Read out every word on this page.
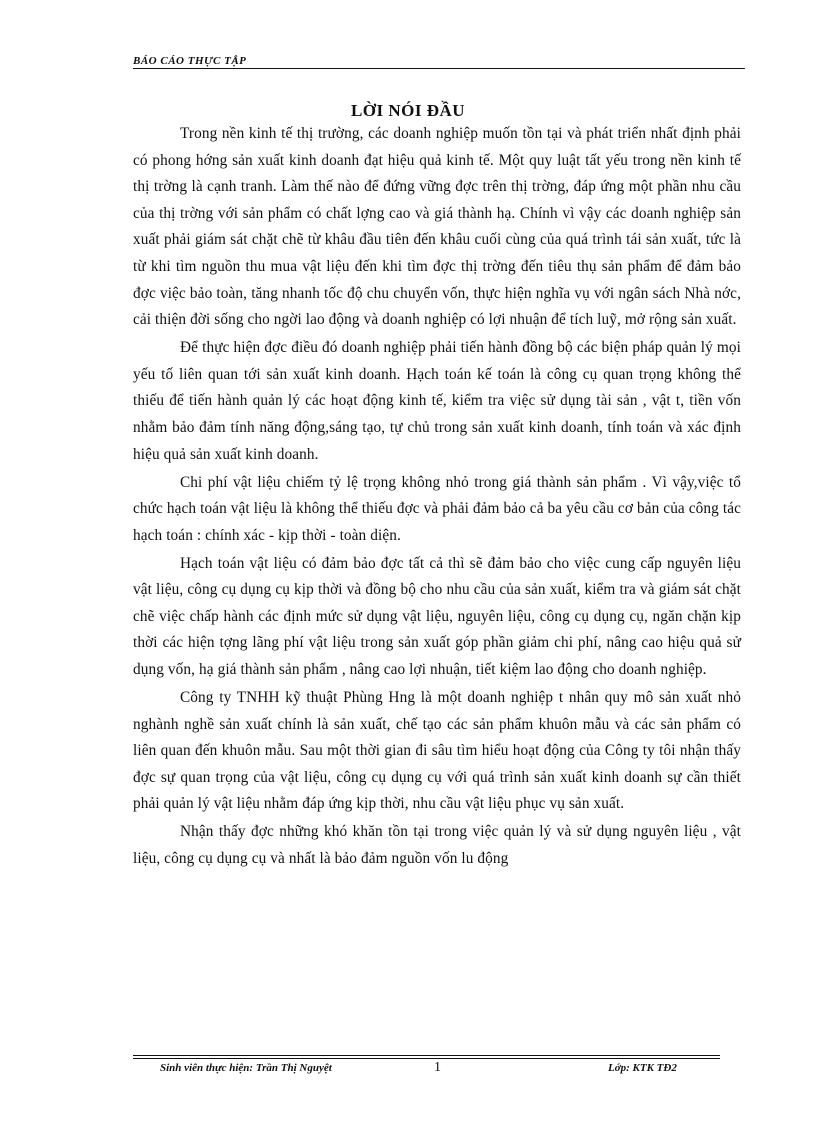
BÁO CÁO THỰC TẬP
LỜI NÓI ĐẦU

Trong nền kinh tế thị trường, các doanh nghiệp muốn tồn tại và phát triển nhất định phải có phong hớng sản xuất kinh doanh đạt hiệu quả kinh tế. Một quy luật tất yếu trong nền kinh tế thị trờng là cạnh tranh. Làm thế nào để đứng vững đợc trên thị trờng, đáp ứng một phần nhu cầu của thị trờng với sản phẩm có chất lợng cao và giá thành hạ. Chính vì vậy các doanh nghiệp sản xuất phải giám sát chặt chẽ từ khâu đầu tiên đến khâu cuối cùng của quá trình tái sản xuất, tức là từ khi tìm nguồn thu mua vật liệu đến khi tìm đợc thị trờng đến tiêu thụ sản phẩm để đảm bảo đợc việc bảo toàn, tăng nhanh tốc độ chu chuyển vốn, thực hiện nghĩa vụ với ngân sách Nhà nớc, cải thiện đời sống cho ngời lao động và doanh nghiệp có lợi nhuận để tích luỹ, mở rộng sản xuất.

Để thực hiện đợc điều đó doanh nghiệp phải tiến hành đồng bộ các biện pháp quản lý mọi yếu tố liên quan tới sản xuất kinh doanh. Hạch toán kế toán là công cụ quan trọng không thể thiếu để tiến hành quản lý các hoạt động kinh tế, kiểm tra việc sử dụng tài sản , vật t, tiền vốn nhằm bảo đảm tính năng động,sáng tạo, tự chủ trong sản xuất kinh doanh, tính toán và xác định hiệu quả sản xuất kinh doanh.

Chi phí vật liệu chiếm tỷ lệ trọng không nhỏ trong giá thành sản phẩm . Vì vậy,việc tổ chức hạch toán vật liệu là không thể thiếu đợc và phải đảm bảo cả ba yêu cầu cơ bản của công tác hạch toán : chính xác - kịp thời - toàn diện.

Hạch toán vật liệu có đảm bảo đợc tất cả thì sẽ đảm bảo cho việc cung cấp nguyên liệu vật liệu, công cụ dụng cụ kịp thời và đồng bộ cho nhu cầu của sản xuất, kiểm tra và giám sát chặt chẽ việc chấp hành các định mức sử dụng vật liệu, nguyên liệu, công cụ dụng cụ, ngăn chặn kịp thời các hiện tợng lãng phí vật liệu trong sản xuất góp phần giảm chi phí, nâng cao hiệu quả sử dụng vốn, hạ giá thành sản phẩm , nâng cao lợi nhuận, tiết kiệm lao động cho doanh nghiệp.

Công ty TNHH kỹ thuật Phùng Hng là một doanh nghiệp t nhân quy mô sản xuất nhỏ nghành nghề sản xuất chính là sản xuất, chế tạo các sản phẩm khuôn mẫu và các sản phẩm có liên quan đến khuôn mẫu. Sau một thời gian đi sâu tìm hiểu hoạt động của Công ty tôi nhận thấy đợc sự quan trọng của vật liệu, công cụ dụng cụ với quá trình sản xuất kinh doanh sự cần thiết phải quản lý vật liệu nhằm đáp ứng kịp thời, nhu cầu vật liệu phục vụ sản xuất.

Nhận thấy đợc những khó khăn tồn tại trong việc quản lý và sử dụng nguyên liệu , vật liệu, công cụ dụng cụ và nhất là bảo đảm nguồn vốn lu động

Sinh viên thực hiện: Trần Thị Nguyệt	1	Lớp: KTK TĐ2
